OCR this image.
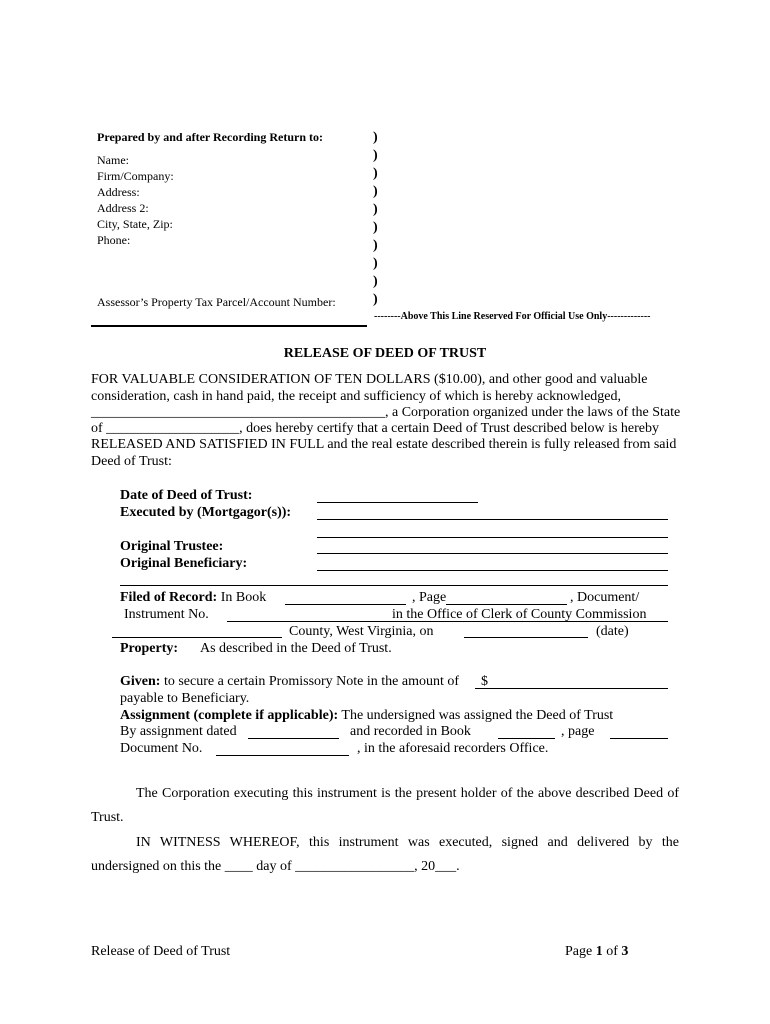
Prepared by and after Recording Return to:
Name:
Firm/Company:
Address:
Address 2:
City, State, Zip:
Phone:
Assessor’s Property Tax Parcel/Account Number:
)
)
)
)
)
)
)
)
)
)
--------Above This Line Reserved For Official Use Only-------------
RELEASE OF DEED OF TRUST
FOR VALUABLE CONSIDERATION OF TEN DOLLARS ($10.00), and other good and valuable
consideration, cash in hand paid, the receipt and sufficiency of which is hereby acknowledged,
__________________________________________, a Corporation organized under the laws of the State
of ___________________, does hereby certify that a certain Deed of Trust described below is hereby
RELEASED AND SATISFIED IN FULL and the real estate described therein is fully released from said
Deed of Trust:
Date of Deed of Trust:
Executed by (Mortgagor(s)):
Original Trustee:
Original Beneficiary:
Filed of Record: In Book	, Page	, Document/
Instrument No.	in the Office of Clerk of County Commission
County, West Virginia, on	(date)
Property: As described in the Deed of Trust.
Given: to secure a certain Promissory Note in the amount of $
payable to Beneficiary.
Assignment (complete if applicable): The undersigned was assigned the Deed of Trust
By assignment dated	and recorded in Book	, page
Document No.	, in the aforesaid recorders Office.
The Corporation executing this instrument is the present holder of the above described Deed of Trust.
IN WITNESS WHEREOF, this instrument was executed, signed and delivered by the undersigned on this the ____ day of _________________, 20___.
Release of Deed of Trust	Page 1 of 3
